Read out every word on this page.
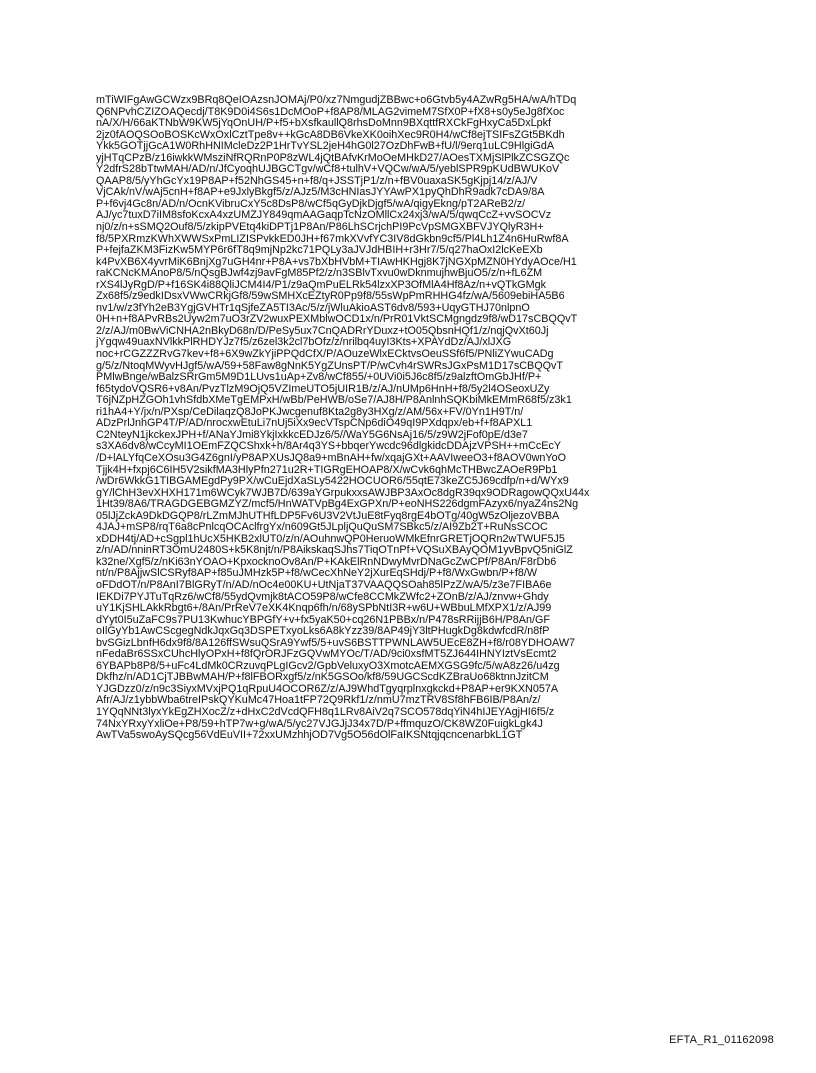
mTiWIFgAwGCWzx9BRq8QeIOAzsnJOMAj/P0/xz7NmgudjZBBwc+o6Gtvb5y4AZwRg5HA/wA/hTDq
Q6NPvhCZIZOAQecdj/T8K9D0i4S6s1DcMOoP+f8AP8/MLAG2vimeM7SfX0P+fX8+s0y5eJg8fXoc
nA/X/H/66aKTNbW9KW5jYqOnUH/P+f5+bXsfkaullQ8rhsDoMnn9BXqttfRXCkFgHxyCa5DxLpkf
2jz0fAOQSOoBOSKcWxOxlCztTpe8v++kGcA8DB6VkeXK0oihXec9R0H4/wCf8ejTSIFsZGt5BKdh
Ykk5GOTjjGcA1W0RhHNIMcleDz2P1HrTvYSL2jeH4hG0l27OzDhFwB+fU/l/9erq1uLC9HlgiGdA
yjHTqCPzB/z16iwkkWMsziNfRQRnP0P8zWL4jQtBAfvKrMoOeMHkD27/AOesTXMjSlPlkZCSGZQc
Y2dfrS28bTtwMAH/AD/n/JfCyoqhUJBGCTgv/wCf8+tulhV+VQCw/wA/5/yeblSPR9pKUdBWUKoV
QAAP8/5/yYhGcYx19P8AP+f52NhGS45+n+f8/q+JSSTjP1/z/n+fBV0uaxaSK5gKjpj14/z/AJ/V
VjCAk/nV/wAj5cnH+f8AP+e9JxlyBkgf5/z/AJz5/M3cHNIasJYYAwPX1pyQhDhR9adk7cDA9/8A
P+f6vj4Gc8n/AD/n/OcnKVibruCxY5c8DsP8/wCf5qGyDjkDjgf5/wA/qigyEkng/pT2AReB2/z/
AJ/yc7tuxD7iIM8sfoKcxA4xzUMZJY849qmAAGaqpTcNzOMllCx24xj3/wA/5/qwqCcZ+vvSOCVz
nj0/z/n+sSMQ2Ouf8/5/zkipPVEtq4kiDPTj1P8An/P86LhSCrjchPI9PcVpSMGXBFVJYQlyR3H+
f8/5PXRmzKWhXWWSxPmLIZISPvkkED0JH+f67mkXVvfYC3IV8dGkbn9cf5/Pl4Lh1Z4n6HuRwf8A
P+fejfaZKM3FizKw5MYP6r6fT8q9mjNp2kc71PQLy3aJVJdHBIH+r3Hr7/5/q27haOxI2lcKeEXb
k4PvXB6X4yvrMiK6BnjXg7uGH4nr+P8A+vs7bXbHVbM+TIAwHKHgj8K7jNGXpMZN0HYdyAOce/H1
raKCNcKMAnoP8/5/nQsgBJwf4zj9avFgM85Pf2/z/n3SBlvTxvu0wDknmujhwBjuO5/z/n+fL6ZM
rXS4lJyRgD/P+f16SK4i88QliJCM4I4/P1/z9aQmPuELRk54lzxXP3OfMlA4Hf8Az/n+vQTkGMgk
Zx68f5/z9edkIDsxVWwCRkjGf8/59wSMHXcEZtyR0Pp9f8/55sWpPmRHHG4fz/wA/5609ebiHA5B6
nv1/w/z3fYh2eB3YgjGVHTr1qSjfeZA5TI3Ac/5/z/jWluAkioAST6dv8/593+UqyGTHJ70nlpnO
0H+n+f8APvRBs2Uyw2m7uO3rZV2wuxPEXMblwOCD1x/n/PrR01VktSCMgngdz9f8/wD17sCBQQvT
2/z/AJ/m0BwViCNHA2nBkyD68n/D/PeSy5ux7CnQADRrYDuxz+tO05QbsnHQf1/z/nqjQvXt60Jj
jYgqw49uaxNVlkkPlRHDYJz7f5/z6zel3k2cl7bOfz/z/nrilbq4uyI3Kts+XPAYdDz/AJ/xlJXG
noc+rCGZZZRvG7kev+f8+6X9wZkYjiPPQdCfX/P/AOuzeWlxECktvsOeuSSf6f5/PNliZYwuCADg
g/5/z/NtoqMWyvHJgf5/wA/59+58Faw8gNnK5YgZUnsPT/P/wCvh4rSWRsJGxPsM1D17sCBQQvT
PMlwBnge/wBalzSRrGm5M9D1LUvs1uAp+Zv8/wCf855/+0UVi0i5J6c8f5/z9alzftOmGbJHf/P+
f65tydoVQSR6+v8An/PvzTlzM9OjQ5VZImeUTO5jUIR1B/z/AJ/nUMp6HnH+f8/5y2l4OSeoxUZy
T6jNZpHZGOh1vhSfdbXMeTgEMPxH/wBb/PeHWB/oSe7/AJ8H/P8AnlnhSQKbiMkEMmR68f5/z3k1
ri1hA4+Y/jx/n/PXsp/CeDilaqzQ8JoPKJwcgenuf8Kta2g8y3HXg/z/AM/56x+FV/0Yn1H9T/n/
ADzPrlJnhGP4T/P/AD/nrocxwEtuLi7nUj5iXx9ecVTspCNp6diO49qI9PXdqpx/eb+f+f8APXL1
C2NteyN1jkckexJPH+f/ANaYJmi8YkjIxkkcEDJz6/5//WaY5G6NsAj16/5/z9W2jFof0pE/d3e7
s3XA6dv8/wCcyMI1OEmFZQCShxk+h/8Ar4q3YS+bbqerYwcdc96dlgkidcDDAjzVPSH++mCcEcY
/D+lALYfqCeXOsu3G4Z6gnI/yP8APXUsJQ8a9+mBnAH+fw/xqajGXt+AAVIweeO3+f8AOV0wnYoO
Tjjk4H+fxpj6C6IH5V2sikfMA3HlyPfn271u2R+TIGRgEHOAP8/X/wCvk6qhMcTHBwcZAOeR9Pb1
/wDr6WkkG1TIBGAMEgdPy9PX/wCuEjdXaSLy5422HOCUOR6/55qtE73keZC5J69cdfp/n+d/WYx9
gY/lChH3evXHXH171m6WCyk7WJB7D/639aYGrpukxxsAWJBP3AxOc8dgR39qx9ODRagowQQxU44x
1Ht39/8A6/TRAGDGEBGMZYZ/mcf5/HnWATVpBg4ExGPXn/P+eoNHS226dgmFAzyx6/nyaZ4ns2Ng
05lJjZckA9DkDGQP8/rLZmMJhUTHfLDP5Fv6U3V2VtJuE8tFyq8rgE4bOTg/40gW5zOljezoVBBA
4JAJ+mSP8/rqT6a8cPnlcqOCAclfrgYx/n609Gt5JLpljQuQuSM7SBkc5/z/AI9Zb2T+RuNsSCOC
xDDH4tj/AD+cSgpl1hUcX5HKB2xlUT0/z/n/AOuhnwQP0HeruoWMkEfnrGRETjOQRn2wTWUF5J5
z/n/AD/nninRT3OmU2480S+k5K8njt/n/P8AikskaqSJhs7TiqOTnPf+VQSuXBAyQOM1yvBpvQ5niGlZ
k32ne/Xgf5/z/nKi63nYOAO+KpxocknoOv8An/P+KAkElRnNDwyMvrDNaGcZwCPf/P8An/F8rDb6
nt/n/P8AjjwSlCSRyf8AP+f85uJMHzk5P+f8/wCecXhNeY2jXurEqSHdj/P+f8/WxGwbn/P+f8/W
oFDdOT/n/P8AnI7BlGRyT/n/AD/nOc4e00KU+UtNjaT37VAAQQSOah85lPzZ/wA/5/z3e7FIBA6e
IEKDi7PYJTuTqRz6/wCf8/55ydQvmjk8tACO59P8/wCfe8CCMkZWfc2+ZOnB/z/AJ/znvw+Ghdy
uY1KjSHLAkkRbgt6+/8An/PrReV7eXK4Knqp6fh/n/68ySPbNtI3R+w6U+WBbuLMfXPX1/z/AJ99
dYyt0I5uZaFC9s7PU13KwhucYBPGfY+v+fx5yaK50+cq26N1PBBx/n/P478sRRijjB6H/P8An/GF
oIlGyYb1AwCScgegNdkJqxGq3DSPETxyoLks6A8kYzz39/8AP49jY3ltPHugkDg8kdwfcdR/n8fP
bvSGizLbnfH6dx9f8/8A126ffSWsuQSrA9Ywf5/5+uvS6BSTTPWNLAW5UEcE8ZH+f8/r08YDHOAW7
nFedaBr6SSxCUhcHlyOPxH+f8fQrORJFzGQVwMYOc/T/AD/9ci0xsfMT5ZJ644IHNYIztVsEcmt2
6YBAPb8P8/5+uFc4LdMk0CRzuvqPLgIGcv2/GpbVeluxyO3XmotcAEMXGSG9fc/5/wA8z26/u4zg
Dkfhz/n/AD1CjTJBBwMAH/P+f8lFBORxgf5/z/nK5GSOo/kf8/59UGCScdKZBraUo68ktnnJzitCM
YJGDzz0/z/n9c3SiyxMVxjPQ1qRpuU4OCOR6Z/z/AJ9WhdTgyqrplnxgkckd+P8AP+er9KXN057A
Afr/AJ/z1ybbWba6treIPskQYKuMc47Hoa1tFP72Q9Rkf1/z/nmU7mzTRV8Sf8hFB6IB/P8An/z/
1YQqNNt3lyxYkEgZHXocZ/z+dHxC2dVcdQFH8q1LRv8AiV2q7SCO578dqYiN4hIJEYAgjHI6f5/z
74NxYRxyYxliOe+P8/59+hTP7w+g/wA/5/yc27VJGJjJ34x7D/P+ffmquzO/CK8WZ0FuigkLgk4J
AwTVa5swoAySQcg56VdEuVII+72xxUMzhhjOD7Vg5O56dOlFaIKSNtqjqcncenarbkL1GT
EFTA_R1_01162098
